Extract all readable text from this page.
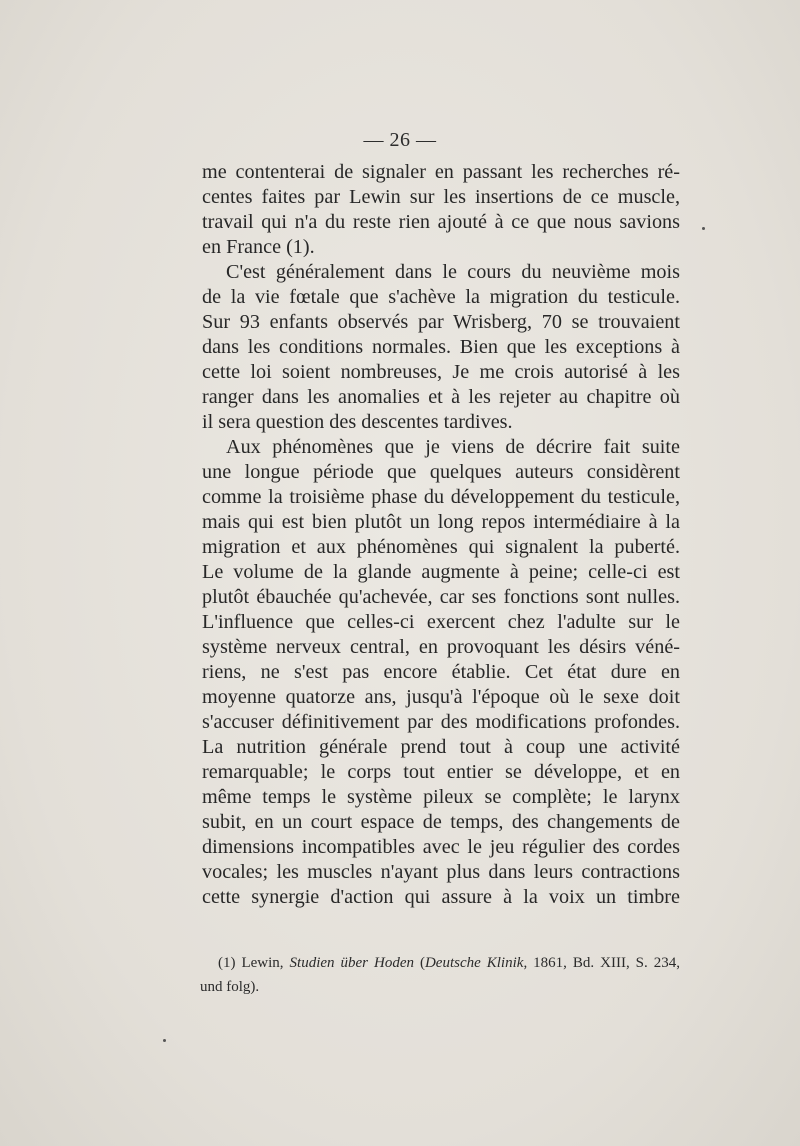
— 26 —
me contenterai de signaler en passant les recherches ré-
centes faites par Lewin sur les insertions de ce muscle,
travail qui n'a du reste rien ajouté à ce que nous savions
en France (1).
C'est généralement dans le cours du neuvième mois
de la vie fœtale que s'achève la migration du testicule.
Sur 93 enfants observés par Wrisberg, 70 se trouvaient
dans les conditions normales. Bien que les exceptions à
cette loi soient nombreuses, Je me crois autorisé à les
ranger dans les anomalies et à les rejeter au chapitre où
il sera question des descentes tardives.
Aux phénomènes que je viens de décrire fait suite
une longue période que quelques auteurs considèrent
comme la troisième phase du développement du testicule,
mais qui est bien plutôt un long repos intermédiaire à la
migration et aux phénomènes qui signalent la puberté.
Le volume de la glande augmente à peine; celle-ci est
plutôt ébauchée qu'achevée, car ses fonctions sont nulles.
L'influence que celles-ci exercent chez l'adulte sur le
système nerveux central, en provoquant les désirs véné-
riens, ne s'est pas encore établie. Cet état dure en
moyenne quatorze ans, jusqu'à l'époque où le sexe doit
s'accuser définitivement par des modifications profondes.
La nutrition générale prend tout à coup une activité
remarquable; le corps tout entier se développe, et en
même temps le système pileux se complète; le larynx
subit, en un court espace de temps, des changements de
dimensions incompatibles avec le jeu régulier des cordes
vocales; les muscles n'ayant plus dans leurs contractions
cette synergie d'action qui assure à la voix un timbre
(1) Lewin, Studien über Hoden (Deutsche Klinik, 1861, Bd. XIII, S. 234,
und folg).
